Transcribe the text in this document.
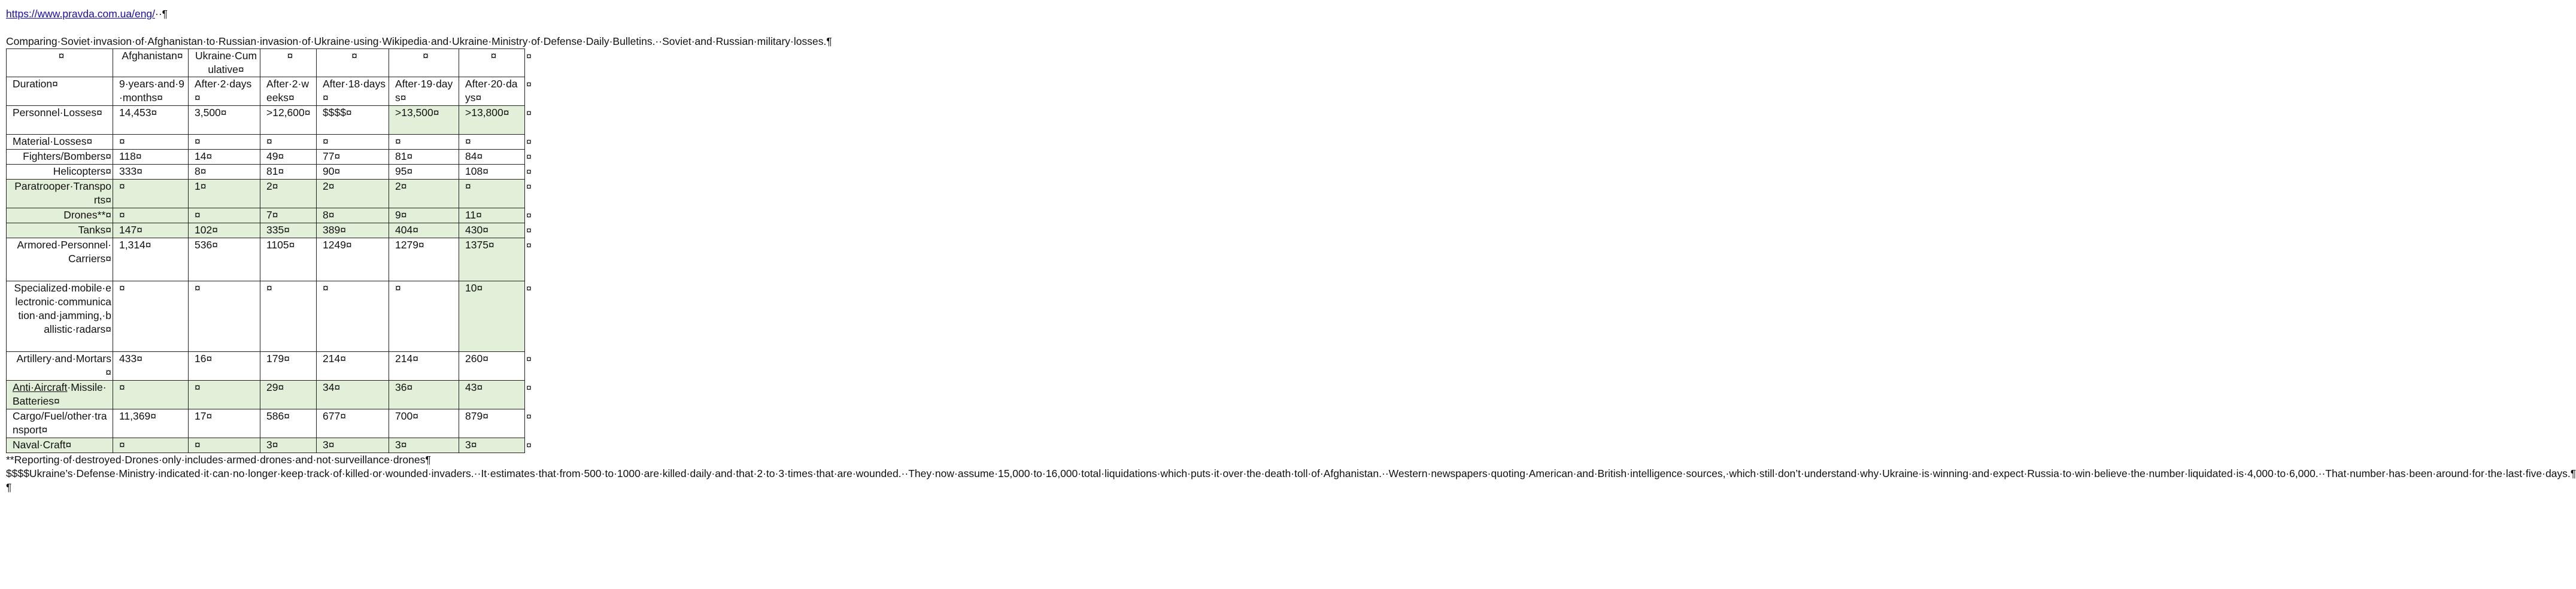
https://www.pravda.com.ua/eng/··¶

Comparing·Soviet·invasion·of·Afghanistan·to·Russian·invasion·of·Ukraine·using·Wikipedia·and·Ukraine·Ministry·of·Defense·Daily·Bulletins.··Soviet·and·Russian·military·losses.¶

¤	Afghanistan¤	Ukraine·Cumulative¤	¤	¤	¤	¤
Duration¤	9·years·and·9·months¤	After·2·days¤	After·2·weeks¤	After·18·days¤	After·19·days¤	After·20·days¤
Personnel·Losses¤	14,453¤	3,500¤	>12,600¤	$$$$¤	>13,500¤	>13,800¤
Material·Losses¤	¤	¤	¤	¤	¤	¤
Fighters/Bombers¤	118¤	14¤	49¤	77¤	81¤	84¤
Helicopters¤	333¤	8¤	81¤	90¤	95¤	108¤
Paratrooper·Transports¤	¤	1¤	2¤	2¤	2¤	¤
Drones**¤	¤	¤	7¤	8¤	9¤	11¤
Tanks¤	147¤	102¤	335¤	389¤	404¤	430¤
Armored·Personnel·Carriers¤	1,314¤	536¤	1105¤	1249¤	1279¤	1375¤
Specialized·mobile·electronic·communication·and·jamming,·ballistic·radars¤	¤	¤	¤	¤	¤	10¤
Artillery·and·Mortars¤	433¤	16¤	179¤	214¤	214¤	260¤
Anti·Aircraft·Missile·Batteries¤	¤	¤	29¤	34¤	36¤	43¤
Cargo/Fuel/other·transport¤	11,369¤	17¤	586¤	677¤	700¤	879¤
Naval·Craft¤	¤	¤	3¤	3¤	3¤	3¤
¤
¤
¤
¤
¤
¤
¤
¤
¤
¤
¤
¤
¤
¤
¤

**Reporting·of·destroyed·Drones·only·includes·armed·drones·and·not·surveillance·drones¶

$$$$Ukraine’s·Defense·Ministry·indicated·it·can·no·longer·keep·track·of·killed·or·wounded·invaders.··It·estimates·that·from·500·to·1000·are·killed·daily·and·that·2·to·3·times·that·are·wounded.··They·now·assume·15,000·to·16,000·total·liquidations·which·puts·it·over·the·death·toll·of·Afghanistan.··Western·newspapers·quoting·American·and·British·intelligence·sources,·which·still·don’t·understand·why·Ukraine·is·winning·and·expect·Russia·to·win·believe·the·number·liquidated·is·4,000·to·6,000.··That·number·has·been·around·for·the·last·five·days.¶

¶
